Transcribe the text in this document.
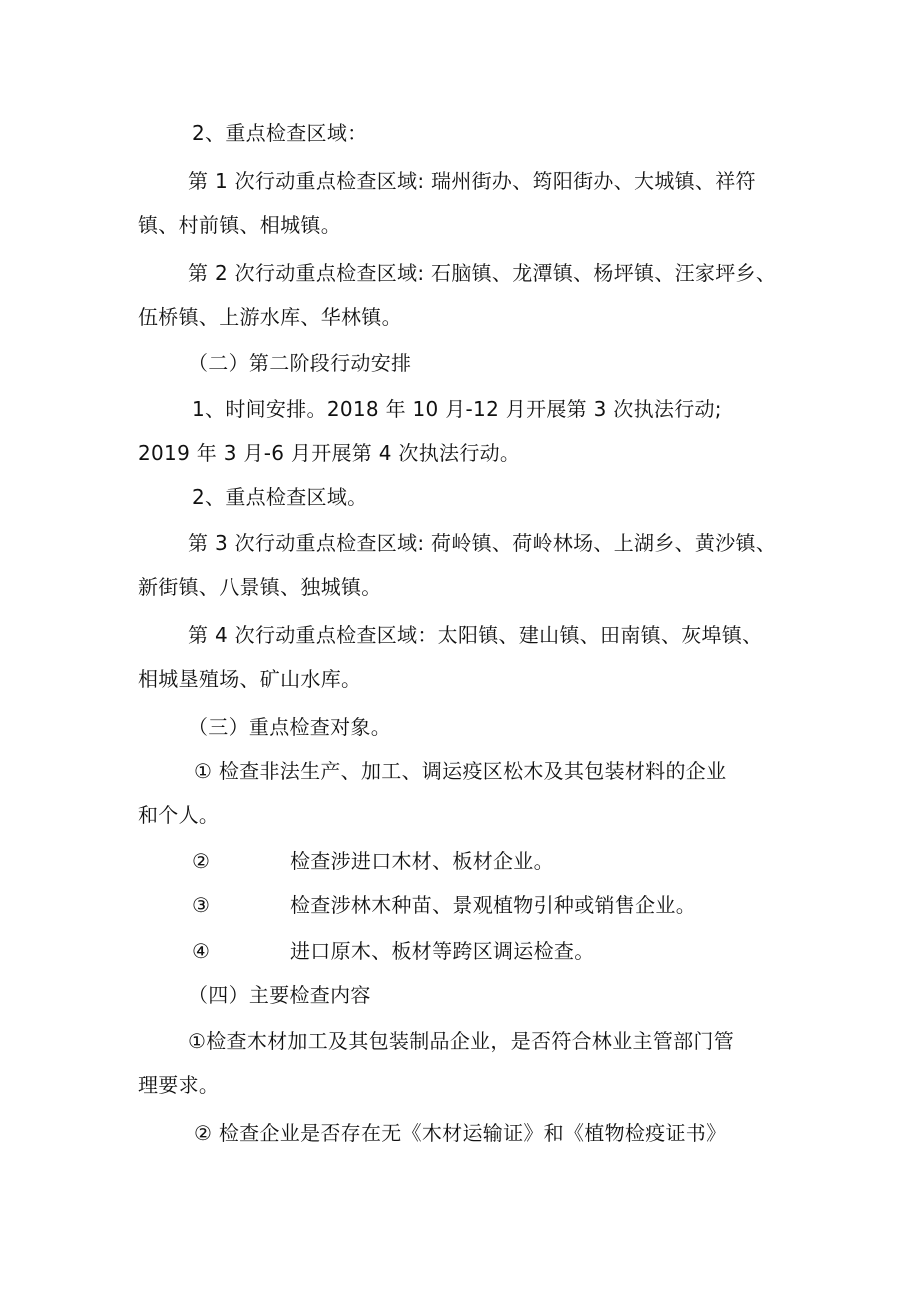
2、重点检查区域：

第 1 次行动重点检查区域: 瑞州街办、筠阳街办、大城镇、祥符

镇、村前镇、相城镇。

第 2 次行动重点检查区域: 石脑镇、龙潭镇、杨坪镇、汪家坪乡、

伍桥镇、上游水库、华林镇。

（二）第二阶段行动安排

1、时间安排。2018 年 10 月-12 月开展第 3 次执法行动;

2019 年 3 月-6 月开展第 4 次执法行动。

2、重点检查区域。

第 3 次行动重点检查区域: 荷岭镇、荷岭林场、上湖乡、黄沙镇、

新街镇、八景镇、独城镇。

第 4 次行动重点检查区域：太阳镇、建山镇、田南镇、灰埠镇、

相城垦殖场、矿山水库。

（三）重点检查对象。

① 检查非法生产、加工、调运疫区松木及其包装材料的企业

和个人。

②	检查涉进口木材、板材企业。
③	检查涉林木种苗、景观植物引种或销售企业。
④	进口原木、板材等跨区调运检查。

（四）主要检查内容

①检查木材加工及其包装制品企业，是否符合林业主管部门管

理要求。

② 检查企业是否存在无《木材运输证》和《植物检疫证书》
